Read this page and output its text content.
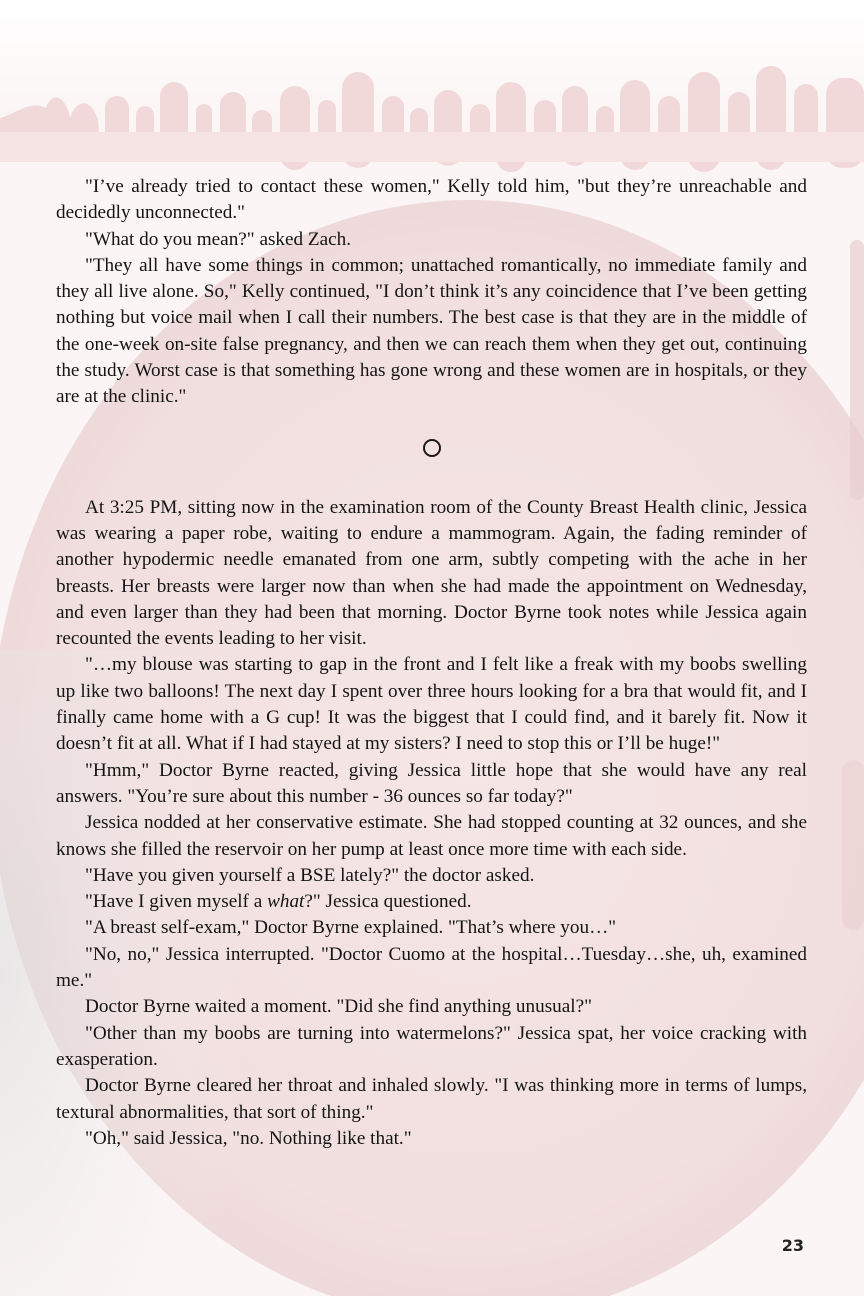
"I’ve already tried to contact these women," Kelly told him, "but they’re unreachable and decidedly unconnected."

"What do you mean?" asked Zach.

"They all have some things in common; unattached romantically, no immediate family and they all live alone. So," Kelly continued, "I don’t think it’s any coincidence that I’ve been getting nothing but voice mail when I call their numbers. The best case is that they are in the middle of the one-week on-site false pregnancy, and then we can reach them when they get out, continuing the study. Worst case is that something has gone wrong and these women are in hospitals, or they are at the clinic."

At 3:25 PM, sitting now in the examination room of the County Breast Health clinic, Jessica was wearing a paper robe, waiting to endure a mammogram. Again, the fading reminder of another hypodermic needle emanated from one arm, subtly competing with the ache in her breasts. Her breasts were larger now than when she had made the appointment on Wednesday, and even larger than they had been that morning. Doctor Byrne took notes while Jessica again recounted the events leading to her visit.

"…my blouse was starting to gap in the front and I felt like a freak with my boobs swelling up like two balloons! The next day I spent over three hours looking for a bra that would fit, and I finally came home with a G cup! It was the biggest that I could find, and it barely fit. Now it doesn’t fit at all. What if I had stayed at my sisters? I need to stop this or I’ll be huge!"

"Hmm," Doctor Byrne reacted, giving Jessica little hope that she would have any real answers. "You’re sure about this number - 36 ounces so far today?"

Jessica nodded at her conservative estimate. She had stopped counting at 32 ounces, and she knows she filled the reservoir on her pump at least once more time with each side.

"Have you given yourself a BSE lately?" the doctor asked.

"Have I given myself a what?" Jessica questioned.

"A breast self-exam," Doctor Byrne explained. "That’s where you…"

"No, no," Jessica interrupted. "Doctor Cuomo at the hospital…Tuesday…she, uh, examined me."

Doctor Byrne waited a moment. "Did she find anything unusual?"

"Other than my boobs are turning into watermelons?" Jessica spat, her voice cracking with exasperation.

Doctor Byrne cleared her throat and inhaled slowly. "I was thinking more in terms of lumps, textural abnormalities, that sort of thing."

"Oh," said Jessica, "no. Nothing like that."

23
